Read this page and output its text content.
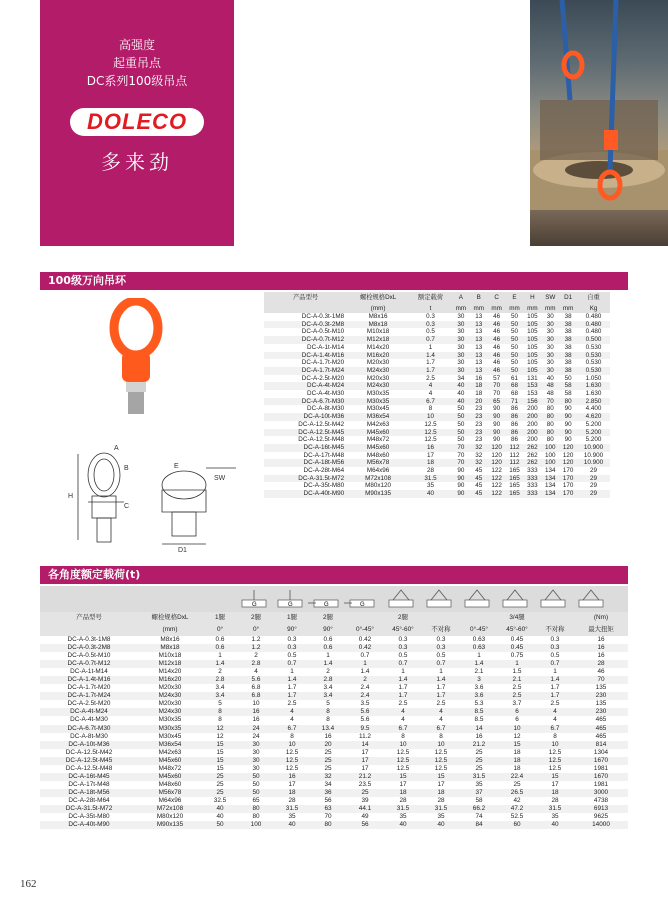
高强度
起重吊点
DC系列100级吊点
DOLECO
多来劲
100级万向吊环
A
B
C
H
E
SW
D1
产品型号	螺栓规格DxL	额定载荷	A	B	C	E	H	SW	D1	自重
	(mm)	t	mm	mm	mm	mm	mm	mm	mm	Kg
DC-A-0.3t-1M8	M8x16	0.3	30	13	46	50	105	30	38	0.480
DC-A-0.3t-2M8	M8x18	0.3	30	13	46	50	105	30	38	0.480
DC-A-0.5t-M10	M10x18	0.5	30	13	46	50	105	30	38	0.480
DC-A-0.7t-M12	M12x18	0.7	30	13	46	50	105	30	38	0.500
DC-A-1t-M14	M14x20	1	30	13	46	50	105	30	38	0.530
DC-A-1.4t-M16	M16x20	1.4	30	13	46	50	105	30	38	0.530
DC-A-1.7t-M20	M20x30	1.7	30	13	46	50	105	30	38	0.530
DC-A-1.7t-M24	M24x30	1.7	30	13	46	50	105	30	38	0.530
DC-A-2.5t-M20	M20x30	2.5	34	16	57	61	131	40	50	1.050
DC-A-4t-M24	M24x30	4	40	18	70	68	153	48	58	1.630
DC-A-4t-M30	M30x35	4	40	18	70	68	153	48	58	1.630
DC-A-6.7t-M30	M30x35	6.7	40	20	65	71	156	70	80	2.850
DC-A-8t-M30	M30x45	8	50	23	90	86	200	80	90	4.400
DC-A-10t-M36	M36x54	10	50	23	90	86	200	80	90	4.620
DC-A-12.5t-M42	M42x63	12.5	50	23	90	86	200	80	90	5.200
DC-A-12.5t-M45	M45x60	12.5	50	23	90	86	200	80	90	5.200
DC-A-12.5t-M48	M48x72	12.5	50	23	90	86	200	80	90	5.200
DC-A-16t-M45	M45x60	16	70	32	120	112	262	100	120	10.900
DC-A-17t-M48	M48x60	17	70	32	120	112	262	100	120	10.900
DC-A-18t-M56	M56x78	18	70	32	120	112	262	100	120	10.900
DC-A-28t-M64	M64x96	28	90	45	122	165	333	134	170	29
DC-A-31.5t-M72	M72x108	31.5	90	45	122	165	333	134	170	29
DC-A-35t-M80	M80x120	35	90	45	122	165	333	134	170	29
DC-A-40t-M90	M90x135	40	90	45	122	165	333	134	170	29
各角度额定载荷(t)
G	G	G	G
产品型号	螺栓规格DxL	1腿	2腿	1腿	2腿	2腿			3/4腿			(Nm)
	(mm)	0°	0°	90°	90°	0°-45°	45°-60°	不对称	0°-45°	45°-60°	不对称	最大扭矩
DC-A-0.3t-1M8	M8x16	0.6	1.2	0.3	0.6	0.42	0.3	0.3	0.63	0.45	0.3	16
DC-A-0.3t-2M8	M8x18	0.6	1.2	0.3	0.6	0.42	0.3	0.3	0.63	0.45	0.3	16
DC-A-0.5t-M10	M10x18	1	2	0.5	1	0.7	0.5	0.5	1	0.75	0.5	16
DC-A-0.7t-M12	M12x18	1.4	2.8	0.7	1.4	1	0.7	0.7	1.4	1	0.7	28
DC-A-1t-M14	M14x20	2	4	1	2	1.4	1	1	2.1	1.5	1	46
DC-A-1.4t-M16	M16x20	2.8	5.6	1.4	2.8	2	1.4	1.4	3	2.1	1.4	70
DC-A-1.7t-M20	M20x30	3.4	6.8	1.7	3.4	2.4	1.7	1.7	3.6	2.5	1.7	135
DC-A-1.7t-M24	M24x30	3.4	6.8	1.7	3.4	2.4	1.7	1.7	3.6	2.5	1.7	230
DC-A-2.5t-M20	M20x30	5	10	2.5	5	3.5	2.5	2.5	5.3	3.7	2.5	135
DC-A-4t-M24	M24x30	8	16	4	8	5.6	4	4	8.5	6	4	230
DC-A-4t-M30	M30x35	8	16	4	8	5.6	4	4	8.5	6	4	465
DC-A-6.7t-M30	M30x35	12	24	6.7	13.4	9.5	6.7	6.7	14	10	6.7	465
DC-A-8t-M30	M30x45	12	24	8	16	11.2	8	8	16	12	8	465
DC-A-10t-M36	M36x54	15	30	10	20	14	10	10	21.2	15	10	814
DC-A-12.5t-M42	M42x63	15	30	12.5	25	17	12.5	12.5	25	18	12.5	1304
DC-A-12.5t-M45	M45x60	15	30	12.5	25	17	12.5	12.5	25	18	12.5	1670
DC-A-12.5t-M48	M48x72	15	30	12.5	25	17	12.5	12.5	25	18	12.5	1981
DC-A-16t-M45	M45x60	25	50	16	32	21.2	15	15	31.5	22.4	15	1670
DC-A-17t-M48	M48x60	25	50	17	34	23.5	17	17	35	25	17	1981
DC-A-18t-M56	M56x78	25	50	18	36	25	18	18	37	26.5	18	3000
DC-A-28t-M64	M64x96	32.5	65	28	56	39	28	28	58	42	28	4738
DC-A-31.5t-M72	M72x108	40	80	31.5	63	44.1	31.5	31.5	66.2	47.2	31.5	6913
DC-A-35t-M80	M80x120	40	80	35	70	49	35	35	74	52.5	35	9625
DC-A-40t-M90	M90x135	50	100	40	80	56	40	40	84	60	40	14000
162
